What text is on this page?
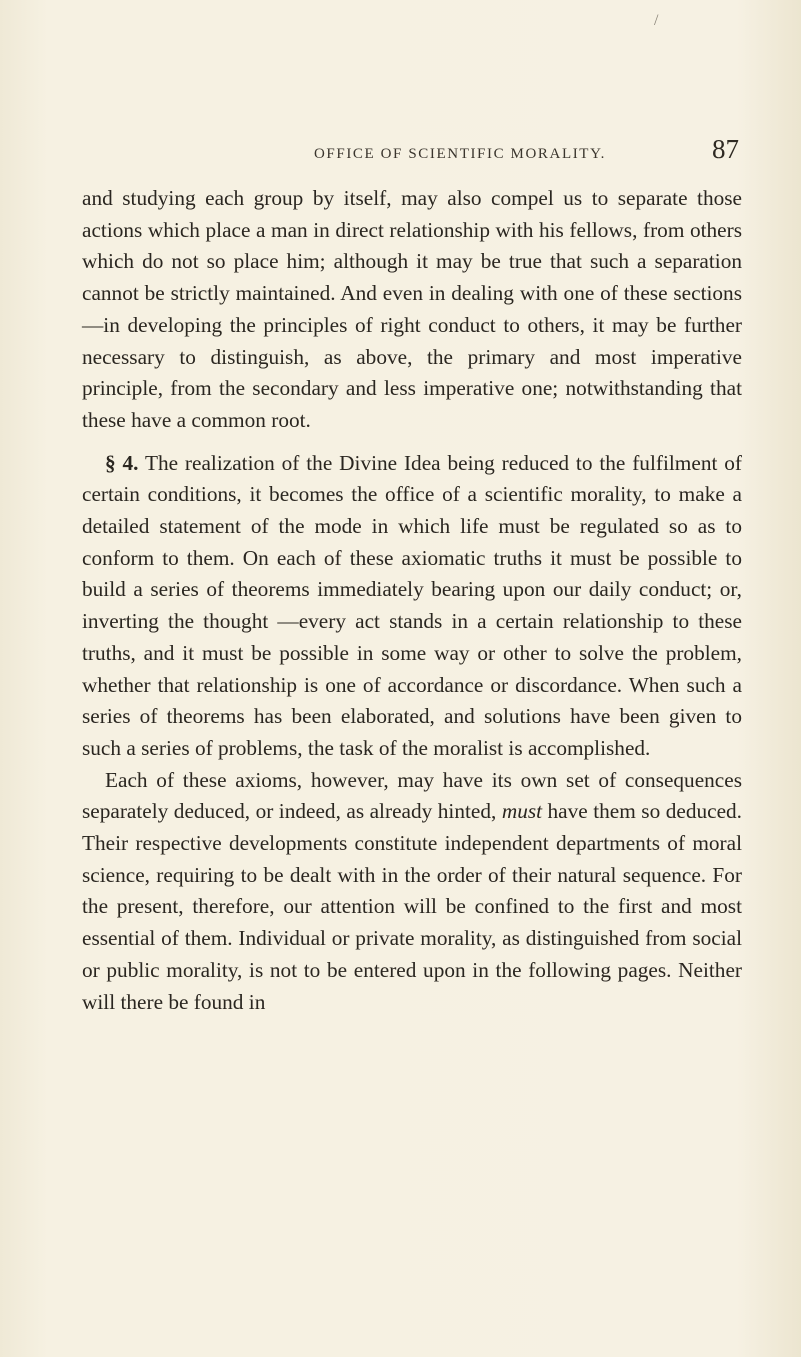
/
OFFICE OF SCIENTIFIC MORALITY.	87

and studying each group by itself, may also compel us to separate those actions which place a man in direct relationship with his fellows, from others which do not so place him; although it may be true that such a separation cannot be strictly maintained. And even in dealing with one of these sections—in developing the principles of right conduct to others, it may be further necessary to distinguish, as above, the primary and most imperative principle, from the secondary and less imperative one; notwithstanding that these have a common root.

§ 4. The realization of the Divine Idea being reduced to the fulfilment of certain conditions, it becomes the office of a scientific morality, to make a detailed statement of the mode in which life must be regulated so as to conform to them. On each of these axiomatic truths it must be possible to build a series of theorems immediately bearing upon our daily conduct; or, inverting the thought —every act stands in a certain relationship to these truths, and it must be possible in some way or other to solve the problem, whether that relationship is one of accordance or discordance. When such a series of theorems has been elaborated, and solutions have been given to such a series of problems, the task of the moralist is accomplished.

Each of these axioms, however, may have its own set of consequences separately deduced, or indeed, as already hinted, must have them so deduced. Their respective developments constitute independent departments of moral science, requiring to be dealt with in the order of their natural sequence. For the present, therefore, our attention will be confined to the first and most essential of them. Individual or private morality, as distinguished from social or public morality, is not to be entered upon in the following pages. Neither will there be found in
